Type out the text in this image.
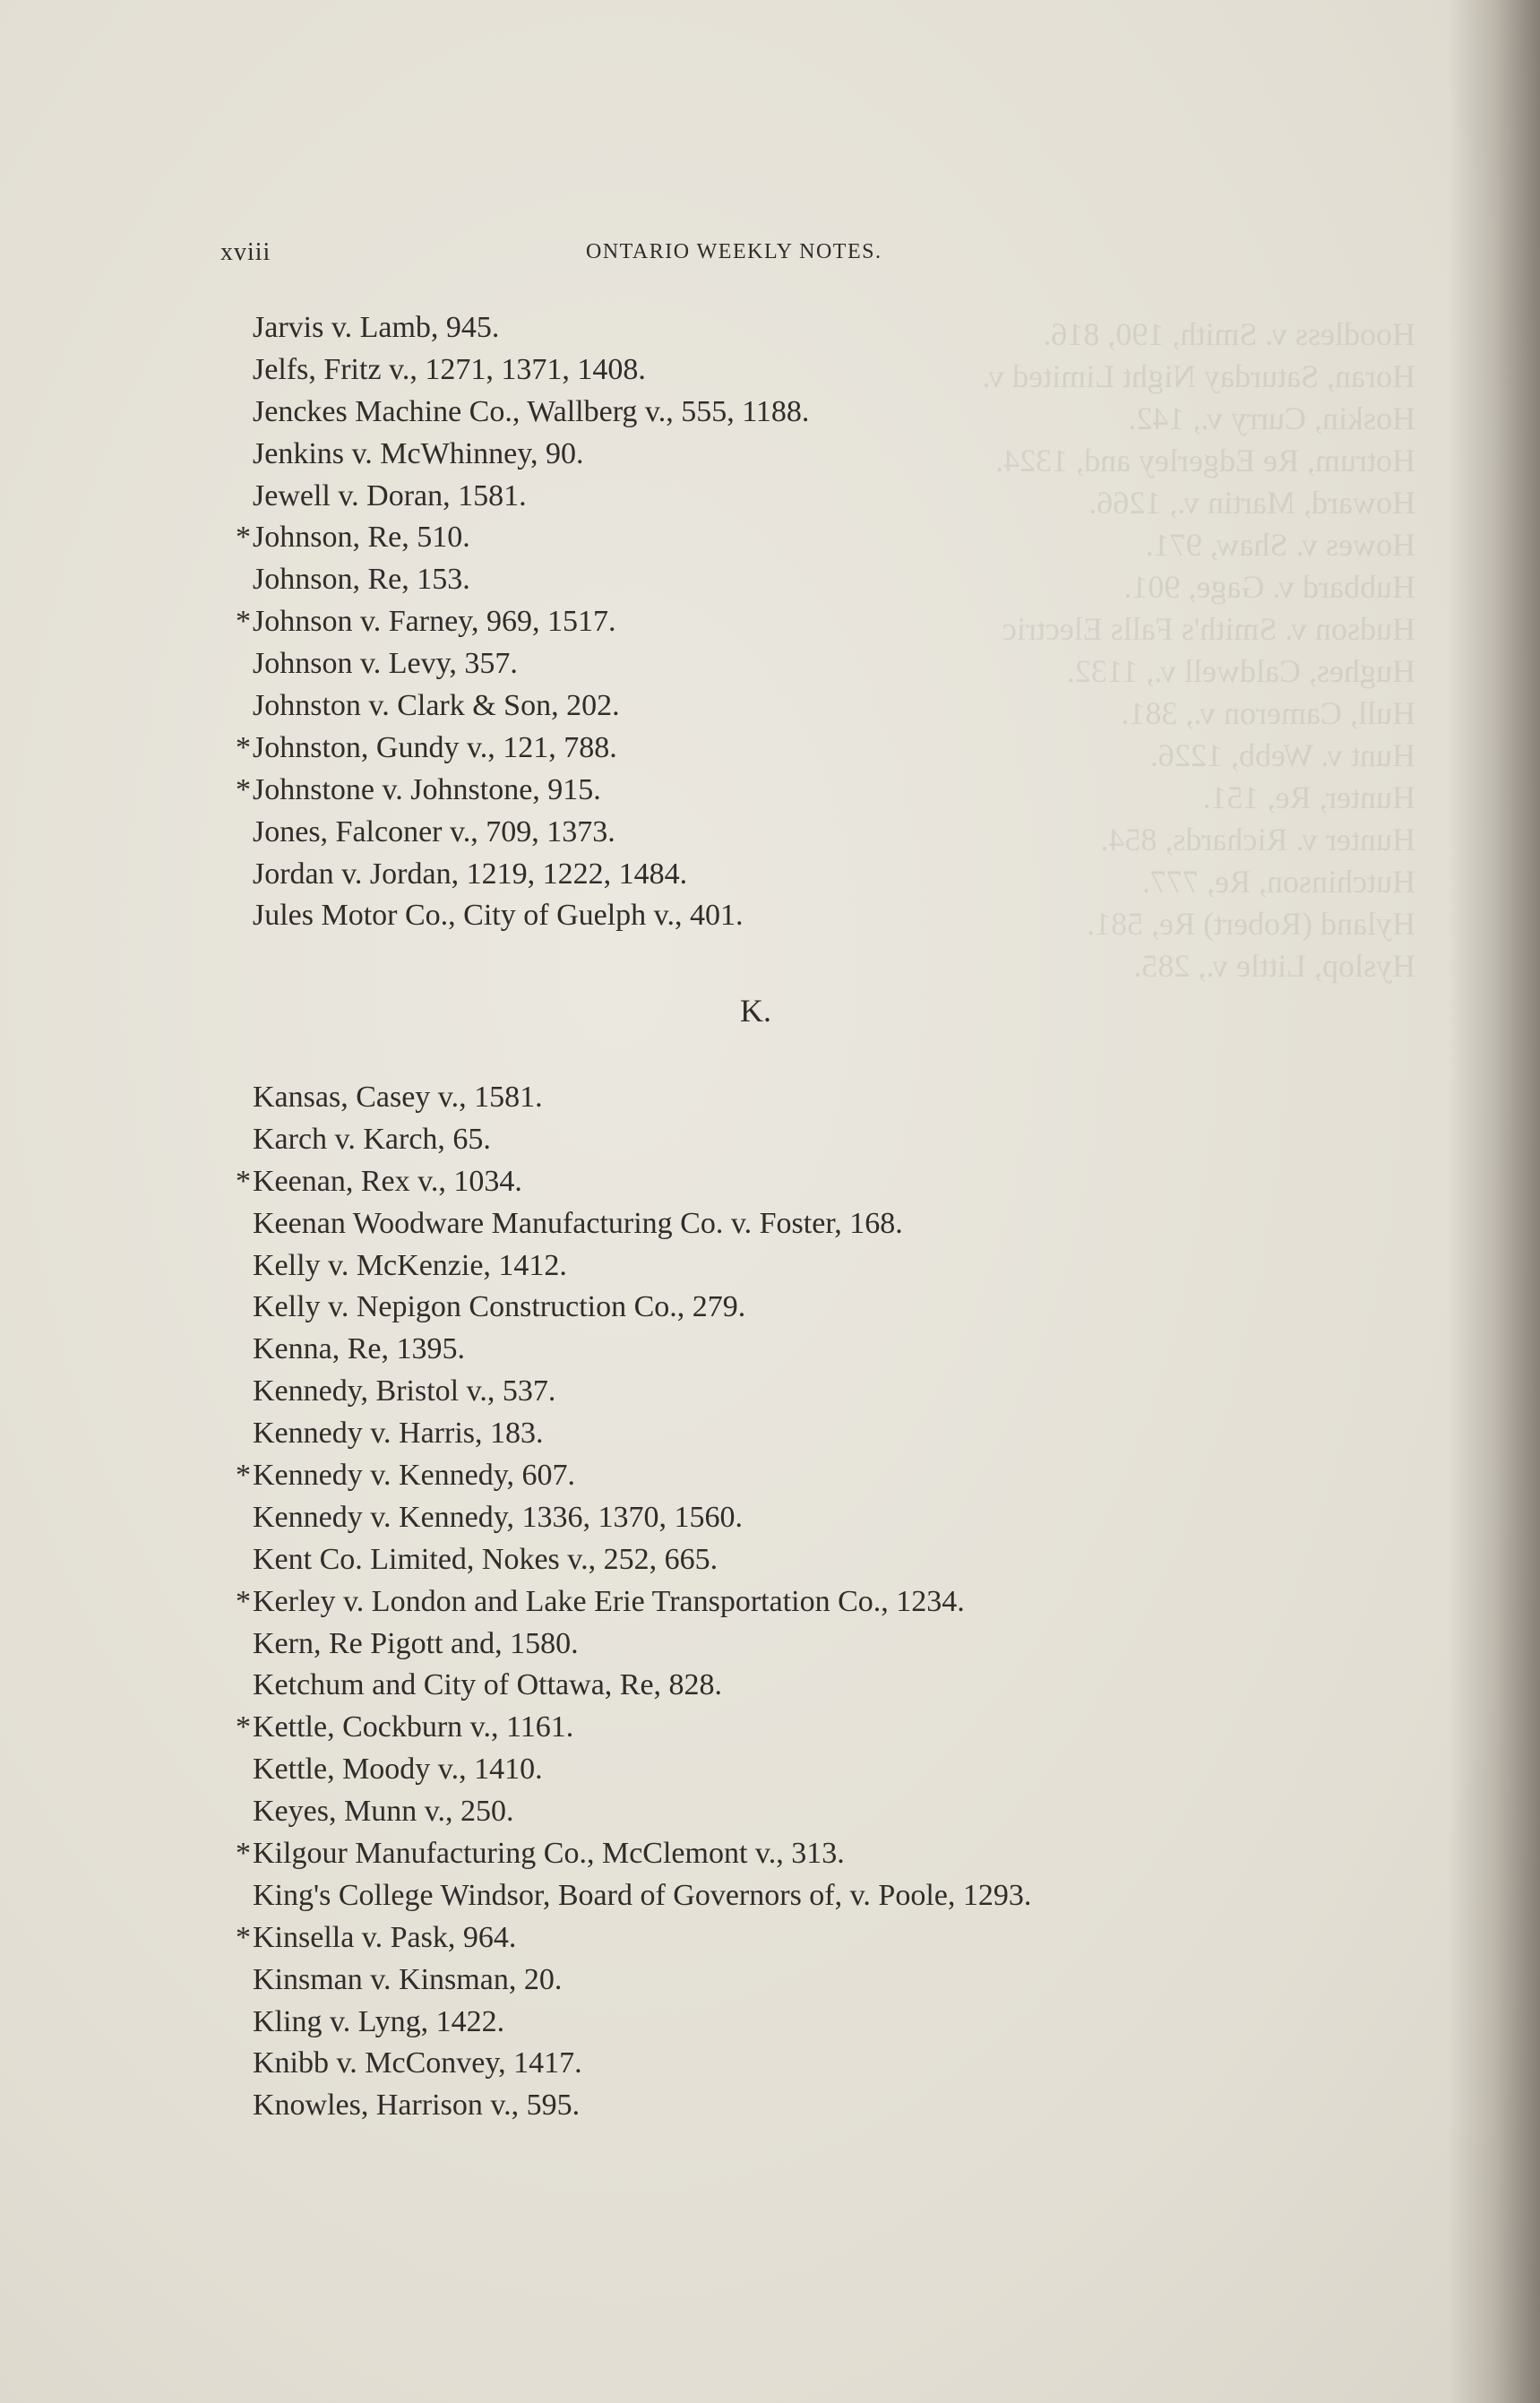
Hoodless v. Smith, 190, 816.
Horan, Saturday Night Limited v.
Hoskin, Curry v., 142.
Hotrum, Re Edgerley and, 1324.
Howard, Martin v., 1266.
Howes v. Shaw, 971.
Hubbard v. Gage, 901.
Hudson v. Smith's Falls Electric
Hughes, Caldwell v., 1132.
Hull, Cameron v., 381.
Hunt v. Webb, 1226.
Hunter, Re, 151.
Hunter v. Richards, 854.
Hutchinson, Re, 777.
Hyland (Robert) Re, 581.
Hyslop, Little v., 285.
xviii	ONTARIO WEEKLY NOTES.
Jarvis v. Lamb, 945.
Jelfs, Fritz v., 1271, 1371, 1408.
Jenckes Machine Co., Wallberg v., 555, 1188.
Jenkins v. McWhinney, 90.
Jewell v. Doran, 1581.
* Johnson, Re, 510.
Johnson, Re, 153.
* Johnson v. Farney, 969, 1517.
Johnson v. Levy, 357.
Johnston v. Clark & Son, 202.
* Johnston, Gundy v., 121, 788.
* Johnstone v. Johnstone, 915.
Jones, Falconer v., 709, 1373.
Jordan v. Jordan, 1219, 1222, 1484.
Jules Motor Co., City of Guelph v., 401.
K.
Kansas, Casey v., 1581.
Karch v. Karch, 65.
* Keenan, Rex v., 1034.
Keenan Woodware Manufacturing Co. v. Foster, 168.
Kelly v. McKenzie, 1412.
Kelly v. Nepigon Construction Co., 279.
Kenna, Re, 1395.
Kennedy, Bristol v., 537.
Kennedy v. Harris, 183.
* Kennedy v. Kennedy, 607.
Kennedy v. Kennedy, 1336, 1370, 1560.
Kent Co. Limited, Nokes v., 252, 665.
* Kerley v. London and Lake Erie Transportation Co., 1234.
Kern, Re Pigott and, 1580.
Ketchum and City of Ottawa, Re, 828.
* Kettle, Cockburn v., 1161.
Kettle, Moody v., 1410.
Keyes, Munn v., 250.
* Kilgour Manufacturing Co., McClemont v., 313.
King's College Windsor, Board of Governors of, v. Poole, 1293.
* Kinsella v. Pask, 964.
Kinsman v. Kinsman, 20.
Kling v. Lyng, 1422.
Knibb v. McConvey, 1417.
Knowles, Harrison v., 595.
